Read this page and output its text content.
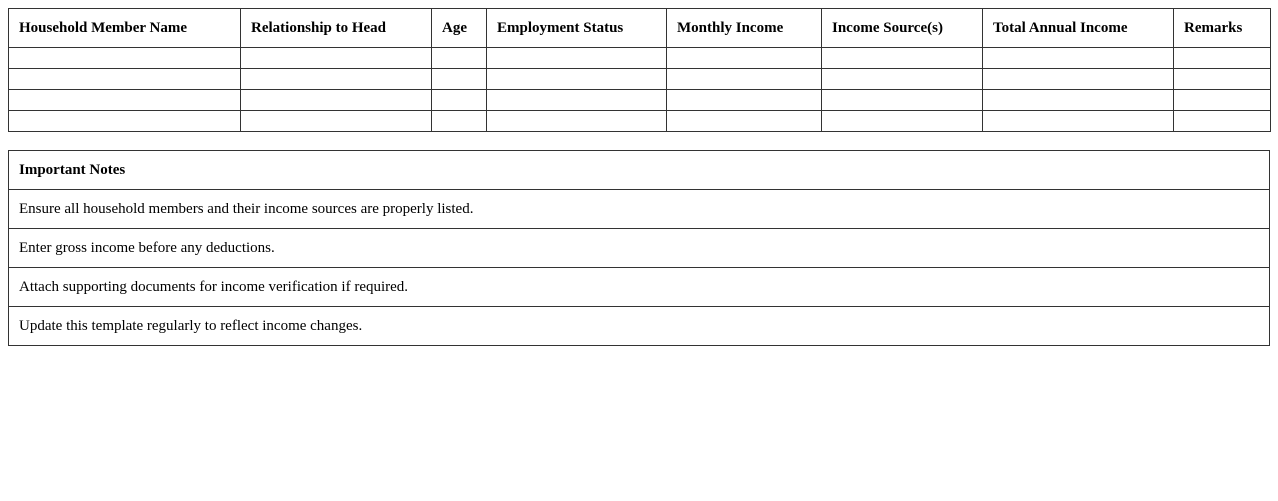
Household Member Name	Relationship to Head	Age	Employment Status	Monthly Income	Income Source(s)	Total Annual Income	Remarks

Important Notes
Ensure all household members and their income sources are properly listed.
Enter gross income before any deductions.
Attach supporting documents for income verification if required.
Update this template regularly to reflect income changes.
